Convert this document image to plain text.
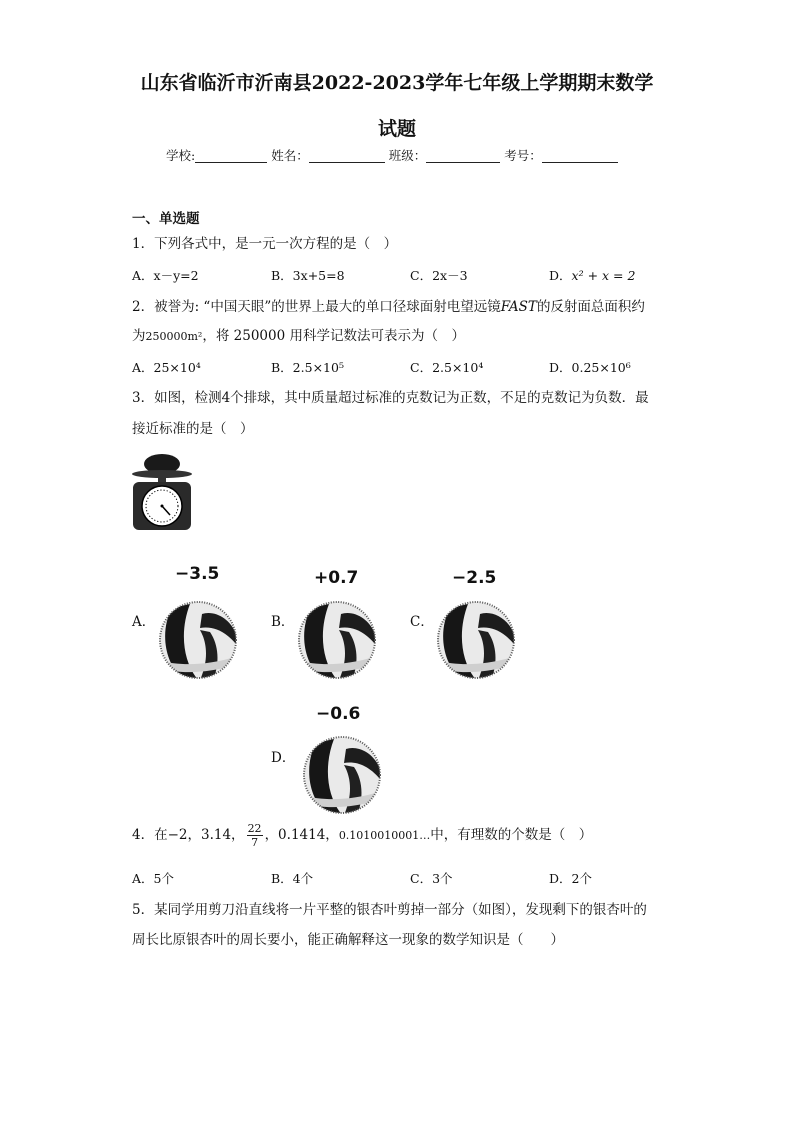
山东省临沂市沂南县2022-2023学年七年级上学期期末数学
试题
学校:	姓名：	班级：	考号：
一、单选题
1．下列各式中，是一元一次方程的是（　）
A．x－y=2	B．3x+5=8	C．2x－3	D．x² + x = 2
2．被誉为: “中国天眼”的世界上最大的单口径球面射电望远镜FAST的反射面总面积约
为250000m²，将 250000 用科学记数法可表示为（　）
A．25×10⁴	B．2.5×10⁵	C．2.5×10⁴	D．0.25×10⁶
3．如图，检测4个排球，其中质量超过标准的克数记为正数，不足的克数记为负数．最
接近标准的是（　）
−3.5
A．
+0.7
B．
−2.5
C．
−0.6
D．
4．在−2，3.14， $\frac{22}{7}$ ，0.1414，0.1010010001…中，有理数的个数是（　）
A．5个	B．4个	C．3个	D．2个
5．某同学用剪刀沿直线将一片平整的银杏叶剪掉一部分（如图），发现剩下的银杏叶的
周长比原银杏叶的周长要小，能正确解释这一现象的数学知识是（　　）
